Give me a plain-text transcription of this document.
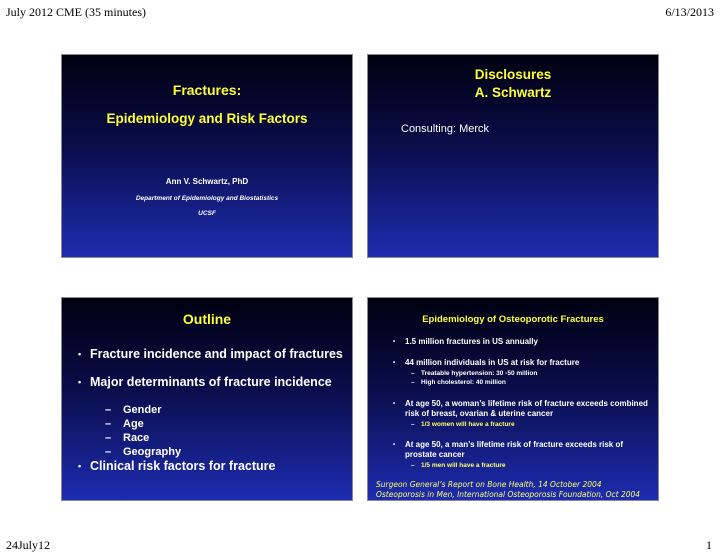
July 2012 CME (35 minutes)	6/13/2013
24July12	1
Fractures:
Epidemiology and Risk Factors
Ann V. Schwartz, PhD
Department of Epidemiology and Biostatistics
UCSF
Disclosures
A. Schwartz
Consulting: Merck
Outline
• Fracture incidence and impact of fractures
• Major determinants of fracture incidence
– Gender
– Age
– Race
– Geography
• Clinical risk factors for fracture
Epidemiology of Osteoporotic Fractures
• 1.5 million fractures in US annually
• 44 million individuals in US at risk for fracture
– Treatable hypertension: 30 -50 million
– High cholesterol: 40 million
• At age 50, a woman’s lifetime risk of fracture exceeds combined risk of breast, ovarian & uterine cancer
– 1/3 women will have a fracture
• At age 50, a man’s lifetime risk of fracture exceeds risk of prostate cancer
– 1/5 men will have a fracture
Surgeon General’s Report on Bone Health, 14 October 2004
Osteoporosis in Men, International Osteoporosis Foundation, Oct 2004
